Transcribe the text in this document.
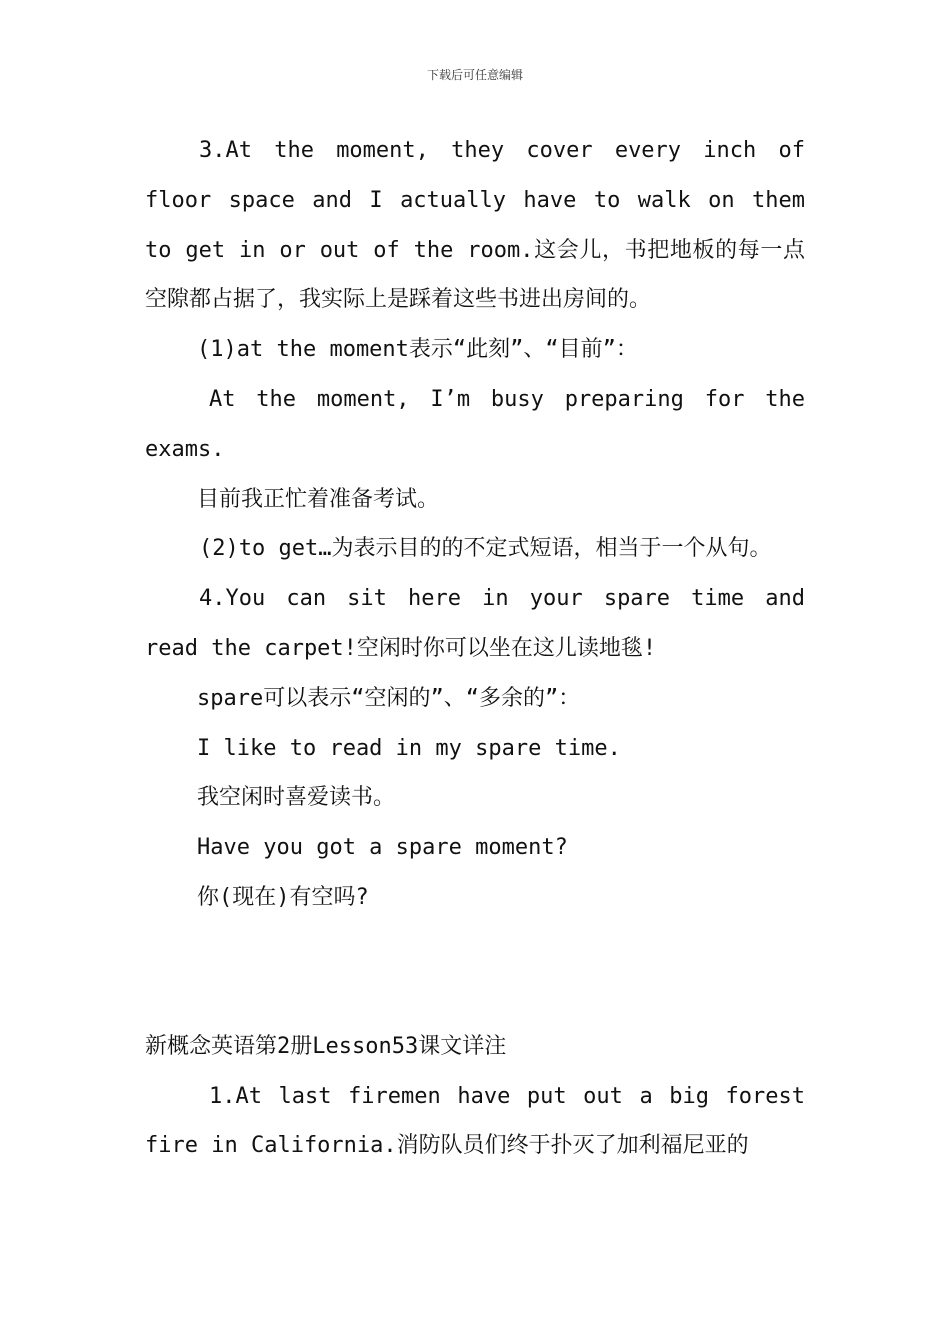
下载后可任意编辑

3.At the moment, they cover every inch of floor space and I actually have to walk on them to get in or out of the room.这会儿，书把地板的每一点空隙都占据了，我实际上是踩着这些书进出房间的。

(1)at the moment表示“此刻”、“目前”：

At the moment, I’m busy preparing for the exams.

目前我正忙着准备考试。

(2)to get…为表示目的的不定式短语，相当于一个从句。

4.You can sit here in your spare time and read the carpet!空闲时你可以坐在这儿读地毯!

spare可以表示“空闲的”、“多余的”：

I like to read in my spare time.

我空闲时喜爱读书。

Have you got a spare moment?

你(现在)有空吗?

新概念英语第2册Lesson53课文详注

1.At last firemen have put out a big forest fire in California.消防队员们终于扑灭了加利福尼亚的
